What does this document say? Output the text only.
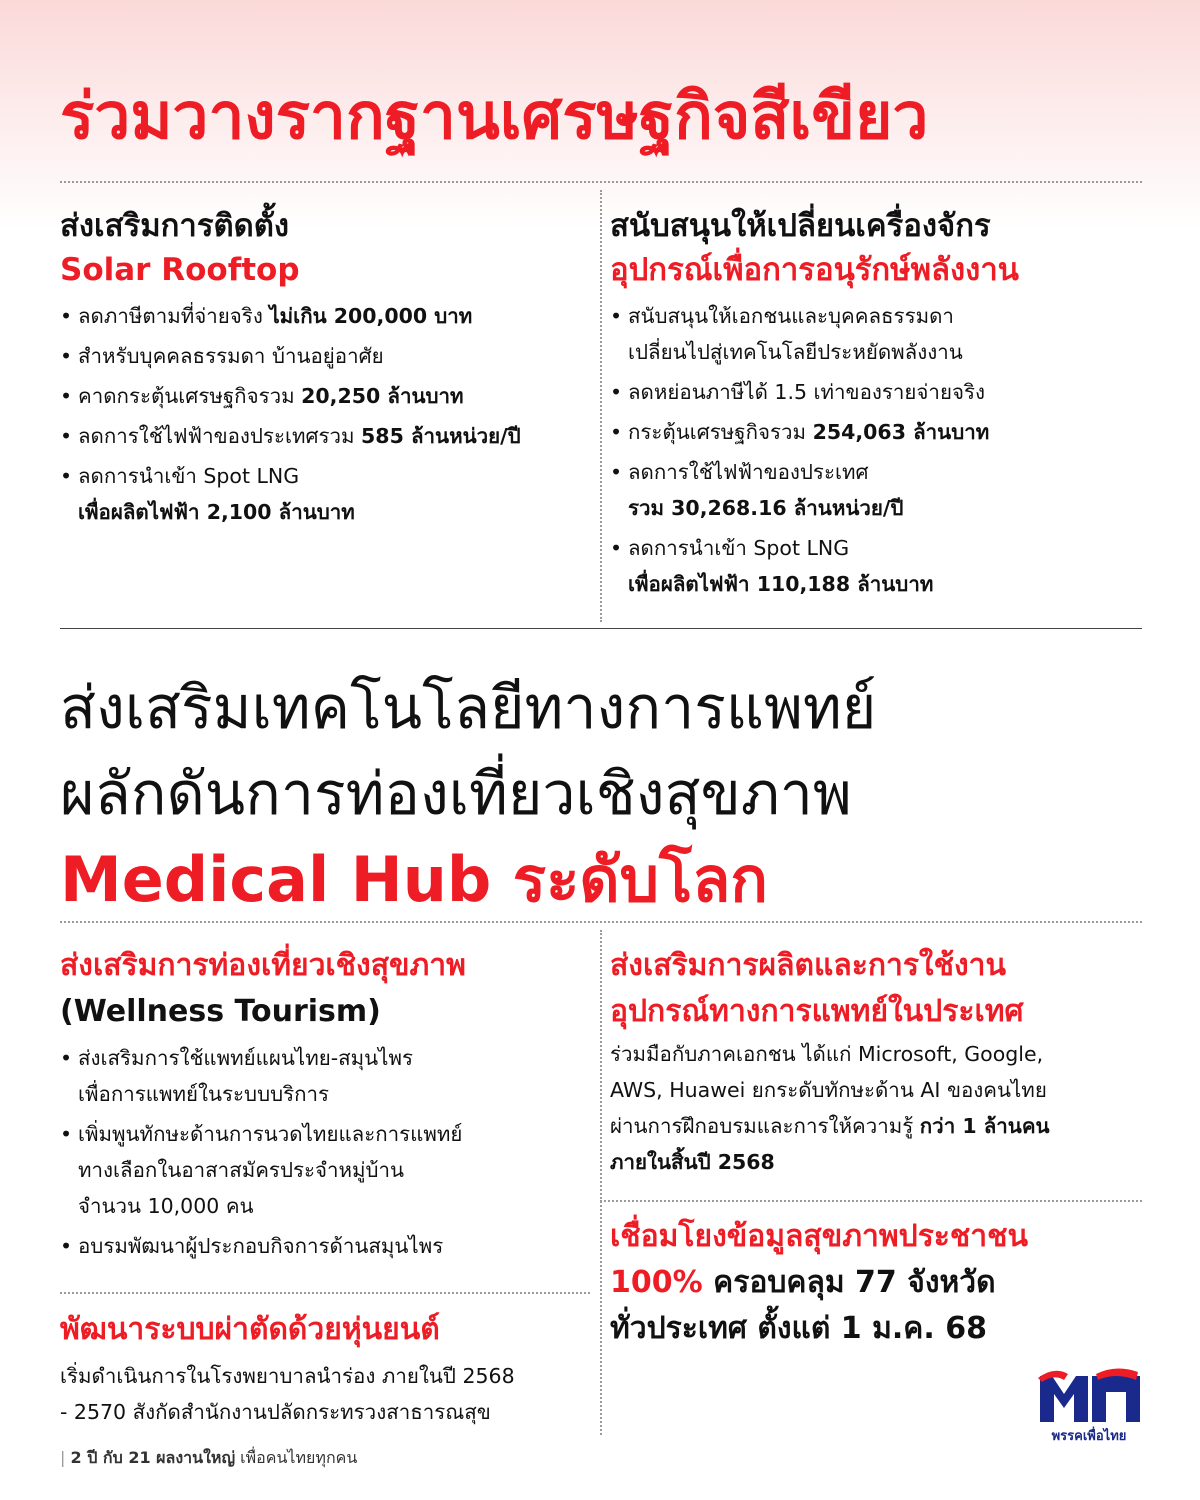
ร่วมวางรากฐานเศรษฐกิจสีเขียว
ส่งเสริมการติดตั้ง
Solar Rooftop
• ลดภาษีตามที่จ่ายจริง ไม่เกิน 200,000 บาท
• สำหรับบุคคลธรรมดา บ้านอยู่อาศัย
• คาดกระตุ้นเศรษฐกิจรวม 20,250 ล้านบาท
• ลดการใช้ไฟฟ้าของประเทศรวม 585 ล้านหน่วย/ปี
• ลดการนำเข้า Spot LNG
เพื่อผลิตไฟฟ้า 2,100 ล้านบาท
สนับสนุนให้เปลี่ยนเครื่องจักร
อุปกรณ์เพื่อการอนุรักษ์พลังงาน
• สนับสนุนให้เอกชนและบุคคลธรรมดา
เปลี่ยนไปสู่เทคโนโลยีประหยัดพลังงาน
• ลดหย่อนภาษีได้ 1.5 เท่าของรายจ่ายจริง
• กระตุ้นเศรษฐกิจรวม 254,063 ล้านบาท
• ลดการใช้ไฟฟ้าของประเทศ
รวม 30,268.16 ล้านหน่วย/ปี
• ลดการนำเข้า Spot LNG
เพื่อผลิตไฟฟ้า 110,188 ล้านบาท
ส่งเสริมเทคโนโลยีทางการแพทย์
ผลักดันการท่องเที่ยวเชิงสุขภาพ
Medical Hub ระดับโลก
ส่งเสริมการท่องเที่ยวเชิงสุขภาพ
(Wellness Tourism)
• ส่งเสริมการใช้แพทย์แผนไทย-สมุนไพร
เพื่อการแพทย์ในระบบบริการ
• เพิ่มพูนทักษะด้านการนวดไทยและการแพทย์
ทางเลือกในอาสาสมัครประจำหมู่บ้าน
จำนวน 10,000 คน
• อบรมพัฒนาผู้ประกอบกิจการด้านสมุนไพร
พัฒนาระบบผ่าตัดด้วยหุ่นยนต์

เริ่มดำเนินการในโรงพยาบาลนำร่อง ภายในปี 2568
- 2570 สังกัดสำนักงานปลัดกระทรวงสาธารณสุข

ส่งเสริมการผลิตและการใช้งาน
อุปกรณ์ทางการแพทย์ในประเทศ

ร่วมมือกับภาคเอกชน ได้แก่ Microsoft, Google,
AWS, Huawei ยกระดับทักษะด้าน AI ของคนไทย
ผ่านการฝึกอบรมและการให้ความรู้ กว่า 1 ล้านคน
ภายในสิ้นปี 2568

เชื่อมโยงข้อมูลสุขภาพประชาชน

100% ครอบคลุม 77 จังหวัด

ทั่วประเทศ ตั้งแต่ 1 ม.ค. 68

| 2 ปี กับ 21 ผลงานใหญ่ เพื่อคนไทยทุกคน
พรรคเพื่อไทย
